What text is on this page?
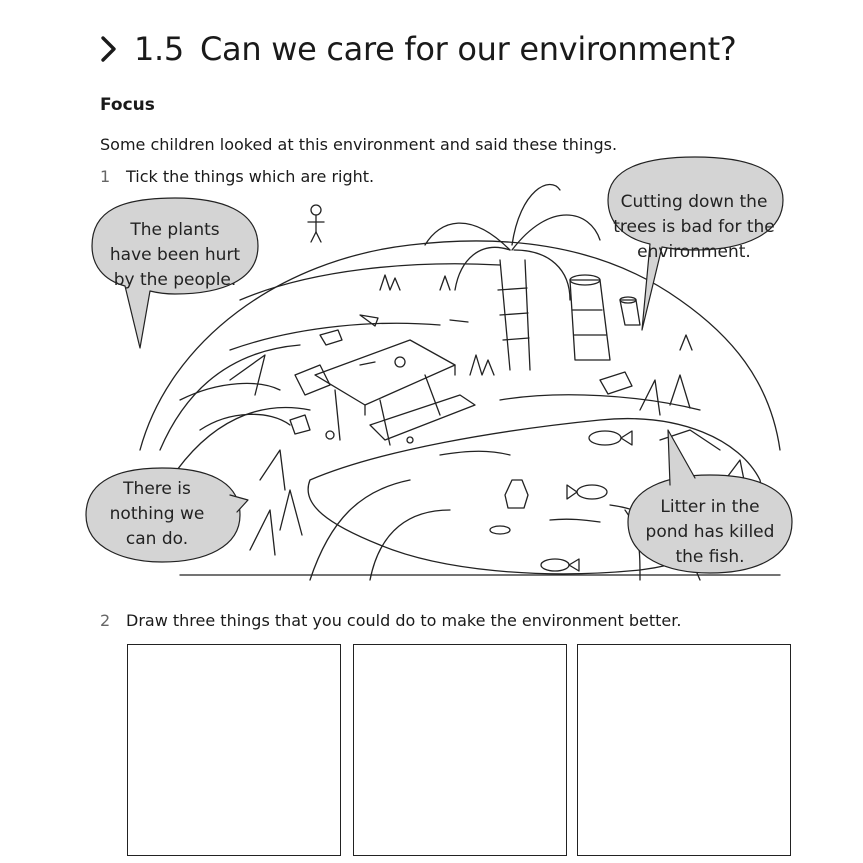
1.5 Can we care for our environment?
Focus
Some children looked at this environment and said these things.
1 Tick the things which are right.
The plants
have been hurt
by the people.
Cutting down the
trees is bad for the
environment.
There is
nothing we
can do.
Litter in the
pond has killed
the fish.
2 Draw three things that you could do to make the environment better.
